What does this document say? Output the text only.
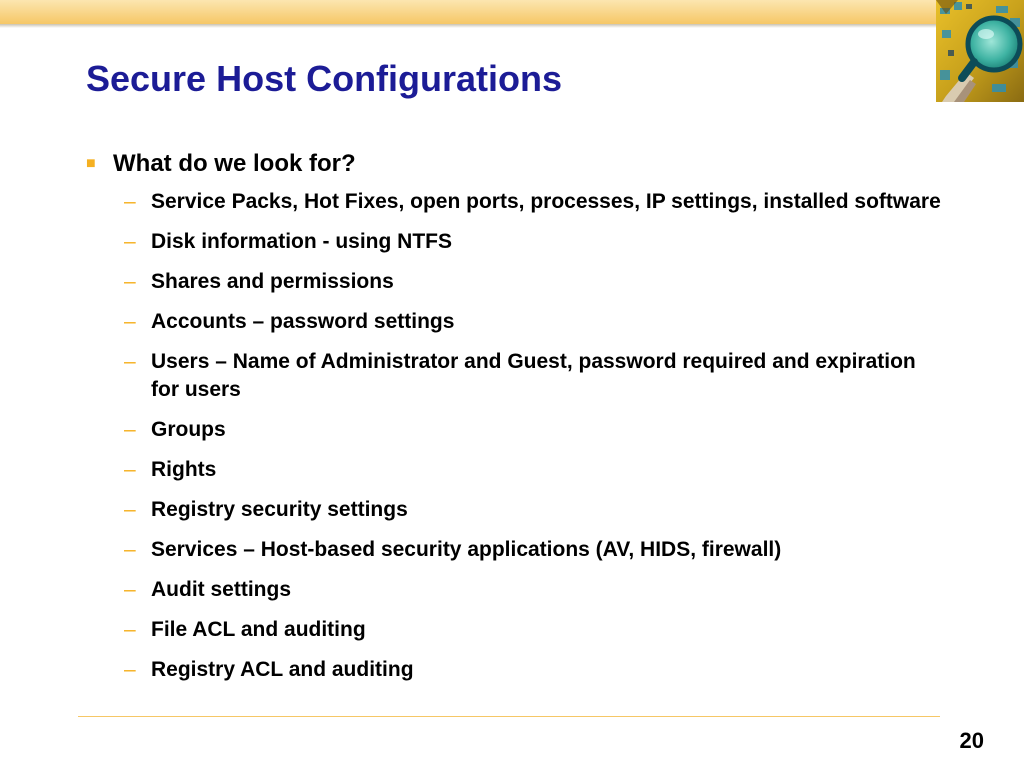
Secure Host Configurations
■ What do we look for?
– Service Packs, Hot Fixes, open ports, processes, IP settings, installed software
– Disk information - using NTFS
– Shares and permissions
– Accounts – password settings
– Users – Name of Administrator and Guest, password required and expiration for users
– Groups
– Rights
– Registry security settings
– Services – Host-based security applications (AV, HIDS, firewall)
– Audit settings
– File ACL and auditing
– Registry ACL and auditing
20
